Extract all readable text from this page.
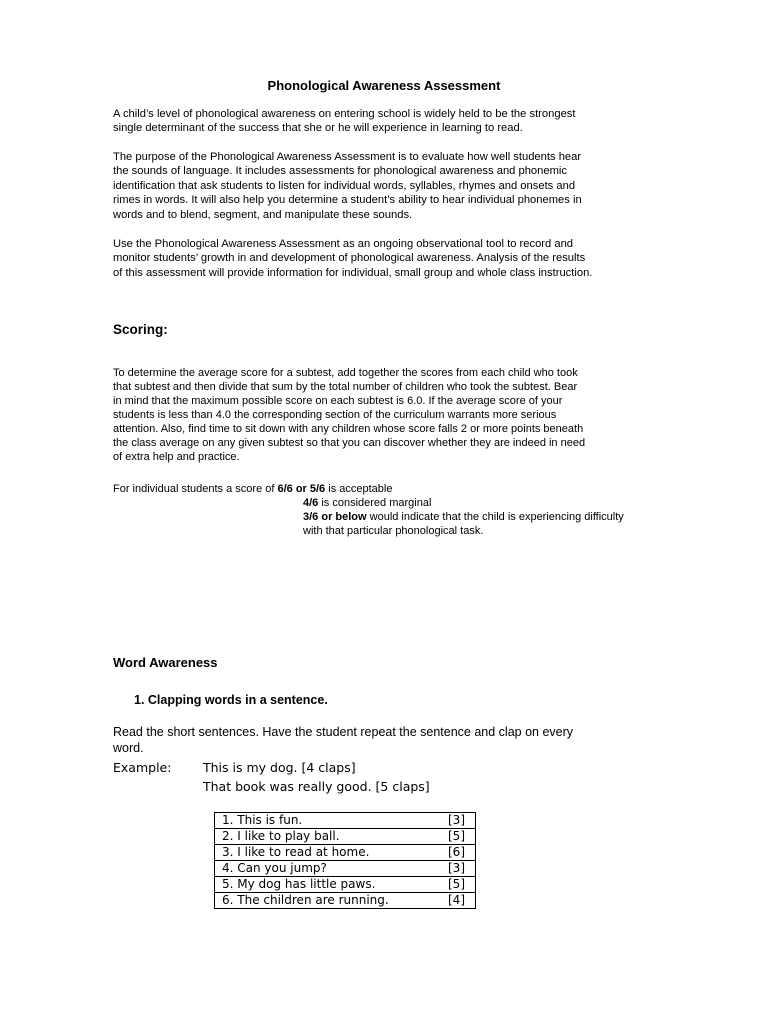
Phonological Awareness Assessment
A child’s level of phonological awareness on entering school is widely held to be the strongest
single determinant of the success that she or he will experience in learning to read.
The purpose of the Phonological Awareness Assessment is to evaluate how well students hear
the sounds of language. It includes assessments for phonological awareness and phonemic
identification that ask students to listen for individual words, syllables, rhymes and onsets and
rimes in words. It will also help you determine a student’s ability to hear individual phonemes in
words and to blend, segment, and manipulate these sounds.
Use the Phonological Awareness Assessment as an ongoing observational tool to record and
monitor students’ growth in and development of phonological awareness. Analysis of the results
of this assessment will provide information for individual, small group and whole class instruction.
Scoring:
To determine the average score for a subtest, add together the scores from each child who took
that subtest and then divide that sum by the total number of children who took the subtest. Bear
in mind that the maximum possible score on each subtest is 6.0. If the average score of your
students is less than 4.0 the corresponding section of the curriculum warrants more serious
attention. Also, find time to sit down with any children whose score falls 2 or more points beneath
the class average on any given subtest so that you can discover whether they are indeed in need
of extra help and practice.
For individual students a score of 6/6 or 5/6 is acceptable
4/6 is considered marginal
3/6 or below would indicate that the child is experiencing difficulty
with that particular phonological task.
Word Awareness
1. Clapping words in a sentence.
Read the short sentences. Have the student repeat the sentence and clap on every
word.
Example:	This is my dog. [4 claps]
That book was really good. [5 claps]
1. This is fun.	[3]
2. I like to play ball.	[5]
3. I like to read at home.	[6]
4. Can you jump?	[3]
5. My dog has little paws.	[5]
6. The children are running.	[4]
